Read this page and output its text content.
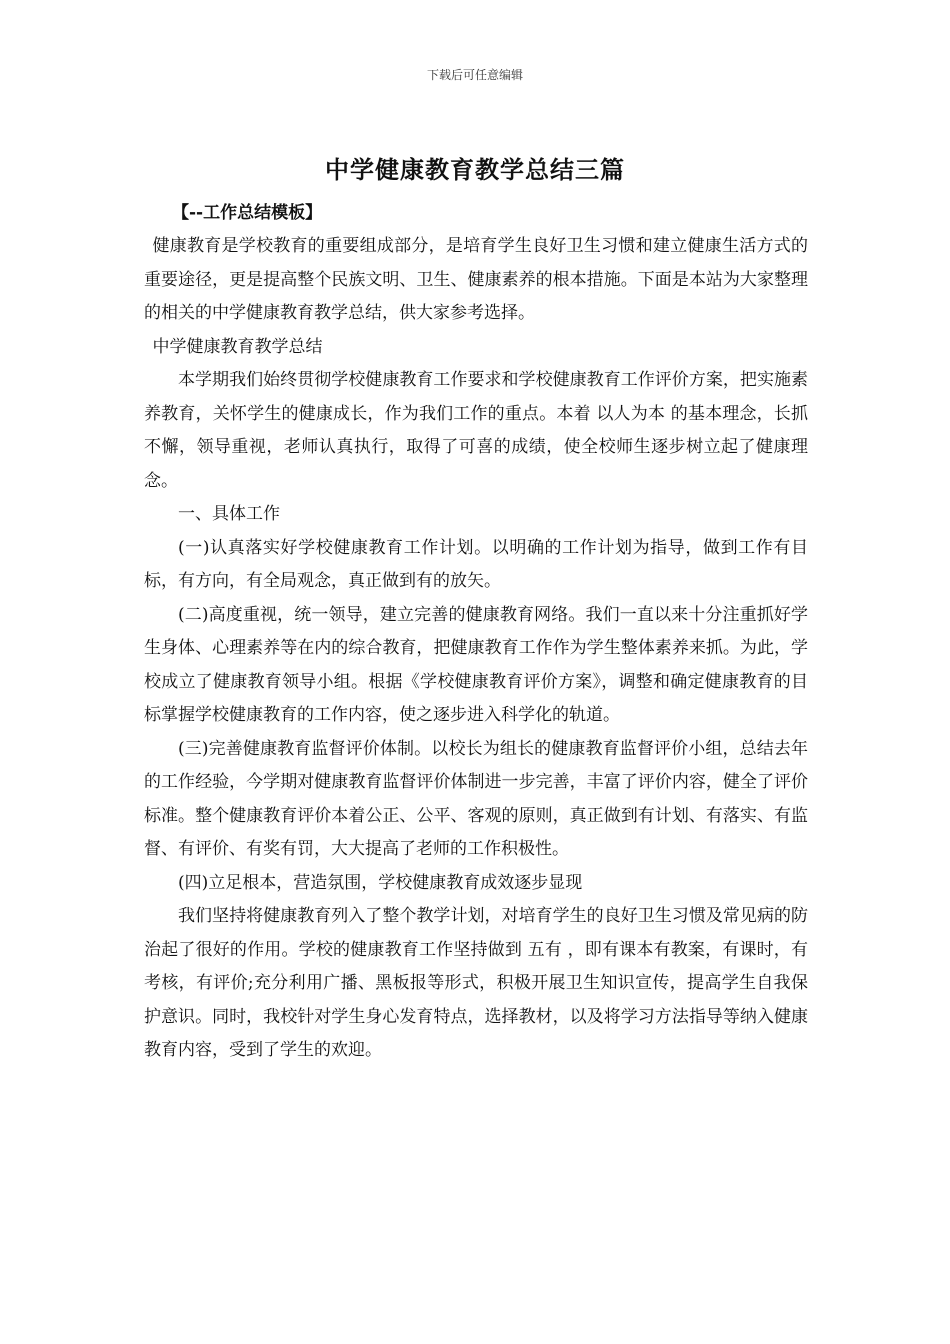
下载后可任意编辑
中学健康教育教学总结三篇
【--工作总结模板】

健康教育是学校教育的重要组成部分，是培育学生良好卫生习惯和建立健康生活方式的重要途径，更是提高整个民族文明、卫生、健康素养的根本措施。下面是本站为大家整理的相关的中学健康教育教学总结，供大家参考选择。

中学健康教育教学总结

本学期我们始终贯彻学校健康教育工作要求和学校健康教育工作评价方案，把实施素养教育，关怀学生的健康成长，作为我们工作的重点。本着 以人为本 的基本理念，长抓不懈，领导重视，老师认真执行，取得了可喜的成绩，使全校师生逐步树立起了健康理念。

一、具体工作

(一)认真落实好学校健康教育工作计划。以明确的工作计划为指导，做到工作有目标，有方向，有全局观念，真正做到有的放矢。

(二)高度重视，统一领导，建立完善的健康教育网络。我们一直以来十分注重抓好学生身体、心理素养等在内的综合教育，把健康教育工作作为学生整体素养来抓。为此，学校成立了健康教育领导小组。根据《学校健康教育评价方案》，调整和确定健康教育的目标掌握学校健康教育的工作内容，使之逐步进入科学化的轨道。

(三)完善健康教育监督评价体制。以校长为组长的健康教育监督评价小组，总结去年的工作经验，今学期对健康教育监督评价体制进一步完善，丰富了评价内容，健全了评价标准。整个健康教育评价本着公正、公平、客观的原则，真正做到有计划、有落实、有监督、有评价、有奖有罚，大大提高了老师的工作积极性。

(四)立足根本，营造氛围，学校健康教育成效逐步显现

我们坚持将健康教育列入了整个教学计划，对培育学生的良好卫生习惯及常见病的防治起了很好的作用。学校的健康教育工作坚持做到 五有 ，即有课本有教案，有课时，有考核，有评价;充分利用广播、黑板报等形式，积极开展卫生知识宣传，提高学生自我保护意识。同时，我校针对学生身心发育特点，选择教材，以及将学习方法指导等纳入健康教育内容，受到了学生的欢迎。
